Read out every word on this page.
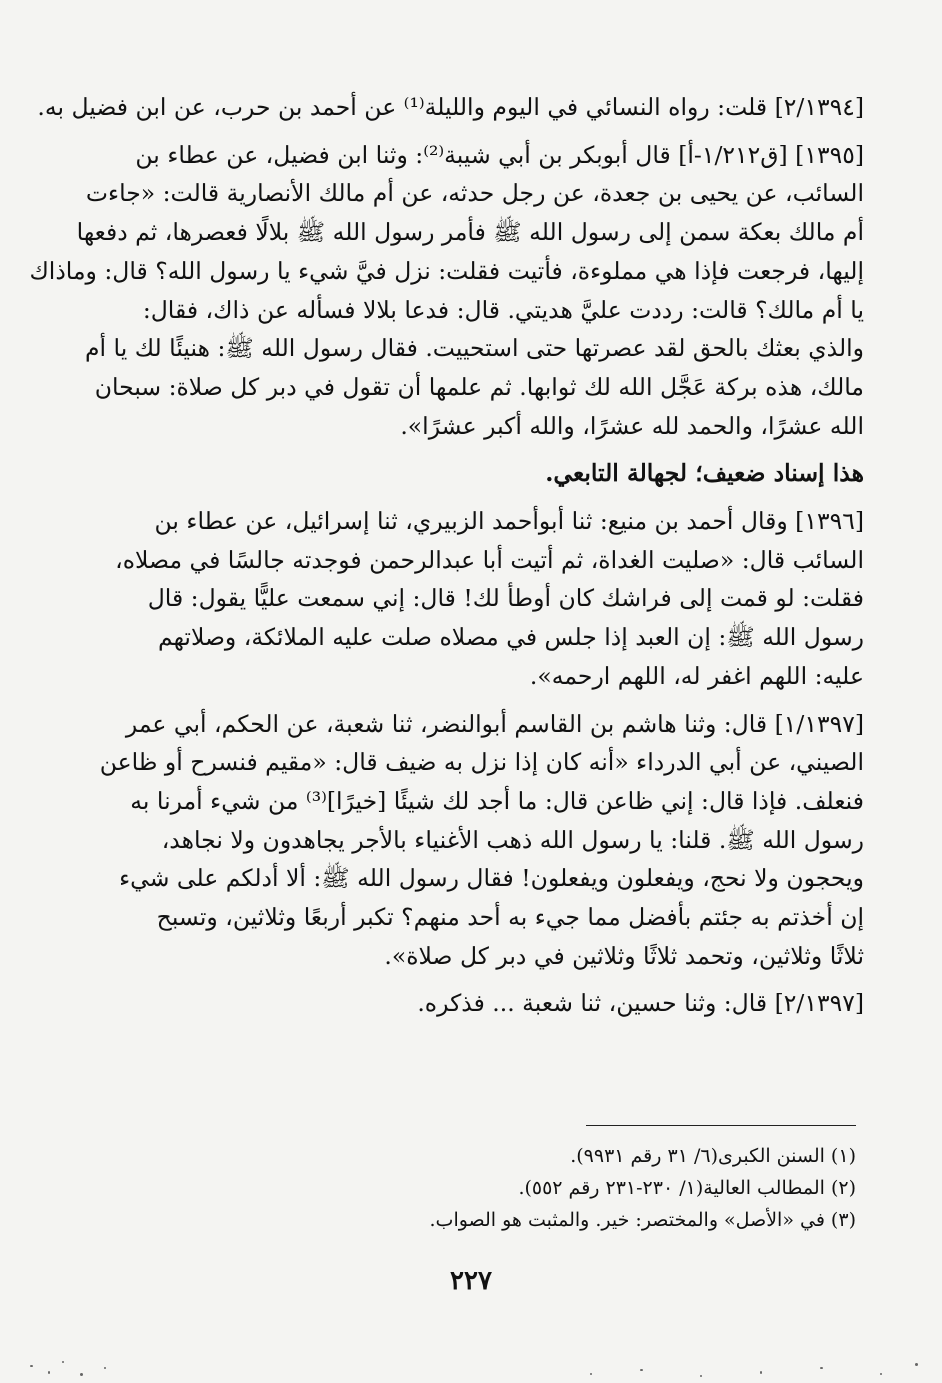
[٢/١٣٩٤] قلت: رواه النسائي في اليوم والليلة⁽¹⁾ عن أحمد بن حرب، عن ابن فضيل به.
[١٣٩٥] [ق١/٢١٢-أ] قال أبوبكر بن أبي شيبة⁽²⁾: وثنا ابن فضيل، عن عطاء بن
السائب، عن يحيى بن جعدة، عن رجل حدثه، عن أم مالك الأنصارية قالت: «جاءت
أم مالك بعكة سمن إلى رسول الله ﷺ فأمر رسول الله ﷺ بلالًا فعصرها، ثم دفعها
إليها، فرجعت فإذا هي مملوءة، فأتيت فقلت: نزل فيَّ شيء يا رسول الله؟ قال: وماذاك
يا أم مالك؟ قالت: رددت عليَّ هديتي. قال: فدعا بلالا فسأله عن ذاك، فقال:
والذي بعثك بالحق لقد عصرتها حتى استحييت. فقال رسول الله ﷺ: هنيئًا لك يا أم
مالك، هذه بركة عَجَّل الله لك ثوابها. ثم علمها أن تقول في دبر كل صلاة: سبحان
الله عشرًا، والحمد لله عشرًا، والله أكبر عشرًا».
هذا إسناد ضعيف؛ لجهالة التابعي.
[١٣٩٦] وقال أحمد بن منيع: ثنا أبوأحمد الزبيري، ثنا إسرائيل، عن عطاء بن
السائب قال: «صليت الغداة، ثم أتيت أبا عبدالرحمن فوجدته جالسًا في مصلاه،
فقلت: لو قمت إلى فراشك كان أوطأ لك! قال: إني سمعت عليًّا يقول: قال
رسول الله ﷺ: إن العبد إذا جلس في مصلاه صلت عليه الملائكة، وصلاتهم
عليه: اللهم اغفر له، اللهم ارحمه».
[١/١٣٩٧] قال: وثنا هاشم بن القاسم أبوالنضر، ثنا شعبة، عن الحكم، أبي عمر
الصيني، عن أبي الدرداء «أنه كان إذا نزل به ضيف قال: «مقيم فنسرح أو ظاعن
فنعلف. فإذا قال: إني ظاعن قال: ما أجد لك شيئًا [خيرًا]⁽³⁾ من شيء أمرنا به
رسول الله ﷺ. قلنا: يا رسول الله ذهب الأغنياء بالأجر يجاهدون ولا نجاهد،
ويحجون ولا نحج، ويفعلون ويفعلون! فقال رسول الله ﷺ: ألا أدلكم على شيء
إن أخذتم به جئتم بأفضل مما جيء به أحد منهم؟ تكبر أربعًا وثلاثين، وتسبح
ثلاثًا وثلاثين، وتحمد ثلاثًا وثلاثين في دبر كل صلاة».
[٢/١٣٩٧] قال: وثنا حسين، ثنا شعبة ... فذكره.
(١) السنن الكبرى(٦/ ٣١ رقم ٩٩٣١).
(٢) المطالب العالية(١/ ٢٣٠-٢٣١ رقم ٥٥٢).
(٣) في «الأصل» والمختصر: خير. والمثبت هو الصواب.
٢٢٧
